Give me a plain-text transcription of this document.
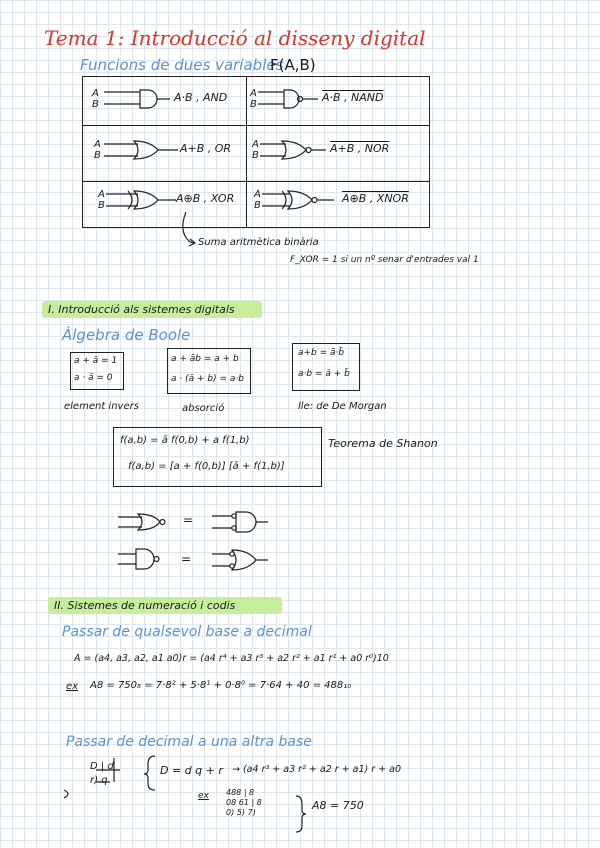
Tema 1: Introducció al disseny digital
Funcions de dues variables
F(A,B)
A
B
A
B
A
B
A
B
A
B
A
B
A·B , AND	A·B , NAND
A+B , OR	A+B , NOR
A⊕B , XOR	A⊕B , XNOR
Suma aritmètica binària
F_XOR = 1 si un nº senar d'entrades val 1
I. Introducció als sistemes digitals
Àlgebra de Boole
a + ā = 1
a · ā = 0
element invers
a + āb = a + b
a · (ā + b) = a·b
absorció
a+b = ā·b̄
a·b = ā + b̄
lle: de De Morgan
f(a,b) = ā f(0,b) + a f(1,b)
f(a,b) = [a + f(0,b)] [ā + f(1,b)]
Teorema de Shanon
=
=
II. Sistemes de numeració i codis
Passar de qualsevol base a decimal
A = (a4, a3, a2, a1 a0)r = (a4 r⁴ + a3 r³ + a2 r² + a1 r¹ + a0 r⁰)10
ex A8 = 750₈ = 7·8² + 5·8¹ + 0·8⁰ = 7·64 + 40 = 488₁₀
Passar de decimal a una altra base
D | d
r) q
D = d q + r → (a4 r³ + a3 r² + a2 r + a1) r + a0
ex 488 | 8
08 61 | 8
0) 5) 7)
A8 = 750
